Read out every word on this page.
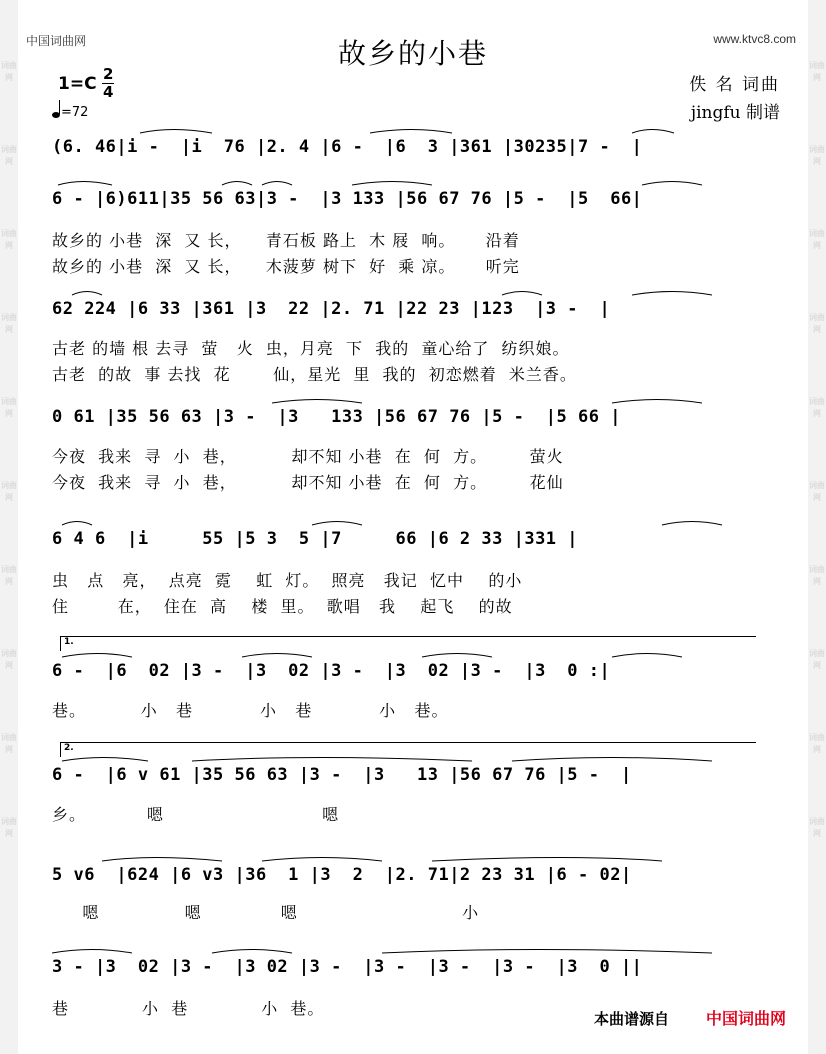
词曲网
词曲网
词曲网
词曲网
词曲网
词曲网
词曲网
词曲网
词曲网
词曲网
词曲网
词曲网
词曲网
词曲网
词曲网
词曲网
词曲网
词曲网
词曲网
词曲网
中国词曲网	www.ktvc8.com
故乡的小巷
1=C 2
4
=72
佚 名 词曲
jingfu 制谱
(6. 46|i -  |i  76 |2. 4 |6 -  |6  3 |361 |30235|7 -  |
6 - |6)611|35 56 63|3 -  |3 133 |56 67 76 |5 -  |5  66|
故乡的 小巷  深  又 长，    青石板 路上  木 屐  响。     沿着
故乡的 小巷  深  又 长，    木菠萝 树下  好  乘 凉。     听完
62 224 |6 33 |361 |3  22 |2. 71 |22 23 |123  |3 -  |
古老 的墙 根 去寻  萤   火  虫，月亮  下  我的  童心给了  纺织娘。
古老  的故  事 去找  花       仙，星光  里  我的  初恋燃着  米兰香。
0 61 |35 56 63 |3 -  |3   133 |56 67 76 |5 -  |5 66 |
今夜  我来  寻  小  巷，         却不知 小巷  在  何  方。       萤火
今夜  我来  寻  小  巷，         却不知 小巷  在  何  方。       花仙
6 4 6  |i     55 |5 3  5 |7     66 |6 2 33 |331 |
虫   点   亮，  点亮  霓    虹  灯。  照亮   我记  忆中    的小
住        在，  住在  高    楼  里。  歌唱   我    起飞    的故
1.
6 -  |6  02 |3 -  |3  02 |3 -  |3  02 |3 -  |3  0 :|
巷。         小   巷           小   巷           小   巷。
2.
6 -  |6 v 61 |35 56 63 |3 -  |3   13 |56 67 76 |5 -  |
乡。          嗯                          嗯
5 v6  |624 |6 v3 |36  1 |3  2  |2. 71|2 23 31 |6 - 02|
嗯              嗯             嗯                           小
3 - |3  02 |3 -  |3 02 |3 -  |3 -  |3 -  |3 -  |3  0 ||
巷            小  巷            小  巷。
本曲谱源自 中国词曲网
